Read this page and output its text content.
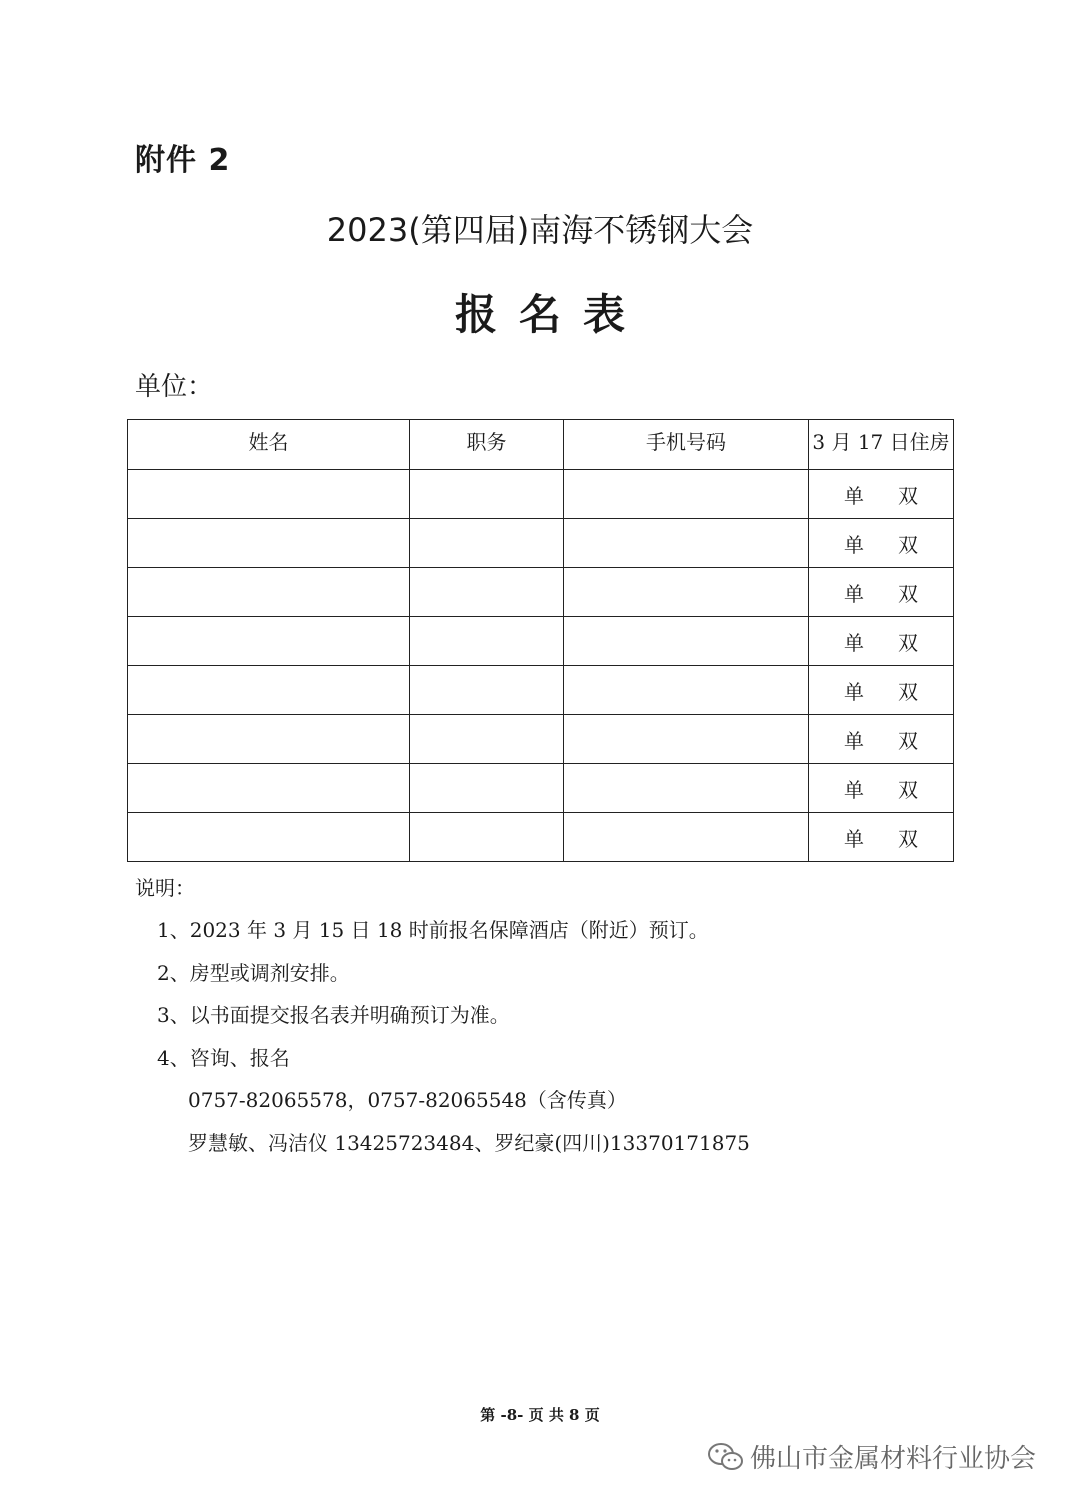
附件 2
2023(第四届)南海不锈钢大会
报名表
单位：
姓名	职务	手机号码	3 月 17 日住房
			单 双
			单 双
			单 双
			单 双
			单 双
			单 双
			单 双
			单 双
说明：
1、2023 年 3 月 15 日 18 时前报名保障酒店（附近）预订。
2、房型或调剂安排。
3、以书面提交报名表并明确预订为准。
4、咨询、报名
0757-82065578，0757-82065548（含传真）
罗慧敏、冯洁仪 13425723484、罗纪豪(四川)13370171875
第 -8- 页 共 8 页
佛山市金属材料行业协会
